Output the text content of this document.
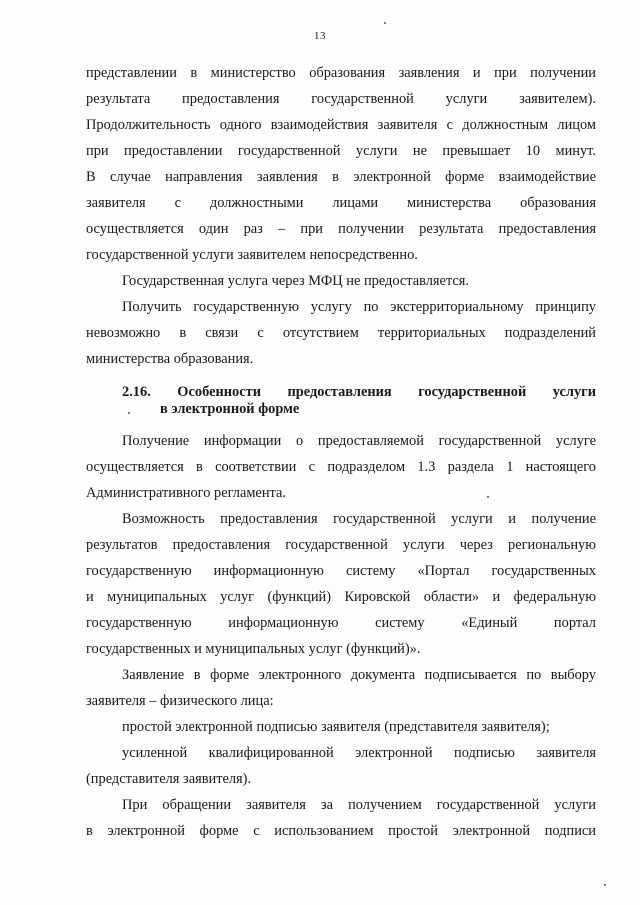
13
представлении в министерство образования заявления и при получении
результата предоставления государственной услуги заявителем).
Продолжительность одного взаимодействия заявителя с должностным лицом
при предоставлении государственной услуги не превышает 10 минут.
В случае направления заявления в электронной форме взаимодействие
заявителя с должностными лицами министерства образования
осуществляется один раз – при получении результата предоставления
государственной услуги заявителем непосредственно.
Государственная услуга через МФЦ не предоставляется.
Получить государственную услугу по экстерриториальному принципу
невозможно в связи с отсутствием территориальных подразделений
министерства образования.
2.16. Особенности предоставления государственной услуги
в электронной форме
Получение информации о предоставляемой государственной услуге
осуществляется в соответствии с подразделом 1.3 раздела 1 настоящего
Административного регламента.
Возможность предоставления государственной услуги и получение
результатов предоставления государственной услуги через региональную
государственную информационную систему «Портал государственных
и муниципальных услуг (функций) Кировской области» и федеральную
государственную информационную систему «Единый портал
государственных и муниципальных услуг (функций)».
Заявление в форме электронного документа подписывается по выбору
заявителя – физического лица:
простой электронной подписью заявителя (представителя заявителя);
усиленной квалифицированной электронной подписью заявителя
(представителя заявителя).
При обращении заявителя за получением государственной услуги
в электронной форме с использованием простой электронной подписи
